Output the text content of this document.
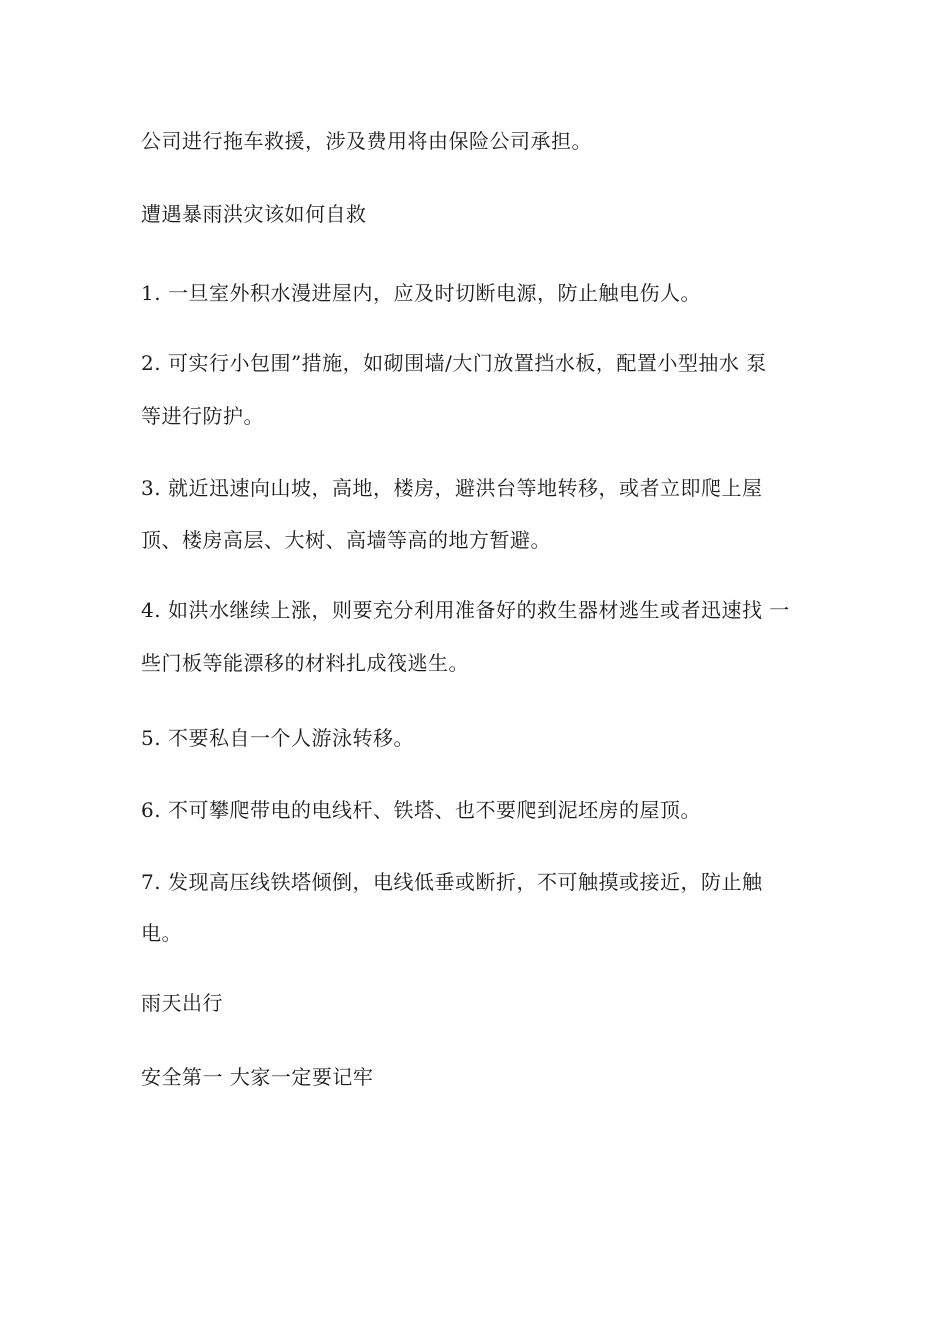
公司进行拖车救援，涉及费用将由保险公司承担。
遭遇暴雨洪灾该如何自救
1. 一旦室外积水漫进屋内，应及时切断电源，防止触电伤人。
2. 可实行小包围”措施，如砌围墙/大门放置挡水板，配置小型抽水 泵
等进行防护。
3. 就近迅速向山坡，高地，楼房，避洪台等地转移，或者立即爬上屋
顶、楼房高层、大树、高墙等高的地方暂避。
4. 如洪水继续上涨，则要充分利用准备好的救生器材逃生或者迅速找 一
些门板等能漂移的材料扎成筏逃生。
5. 不要私自一个人游泳转移。
6. 不可攀爬带电的电线杆、铁塔、也不要爬到泥坯房的屋顶。
7. 发现高压线铁塔倾倒，电线低垂或断折，不可触摸或接近，防止触
电。
雨天出行
安全第一 大家一定要记牢
